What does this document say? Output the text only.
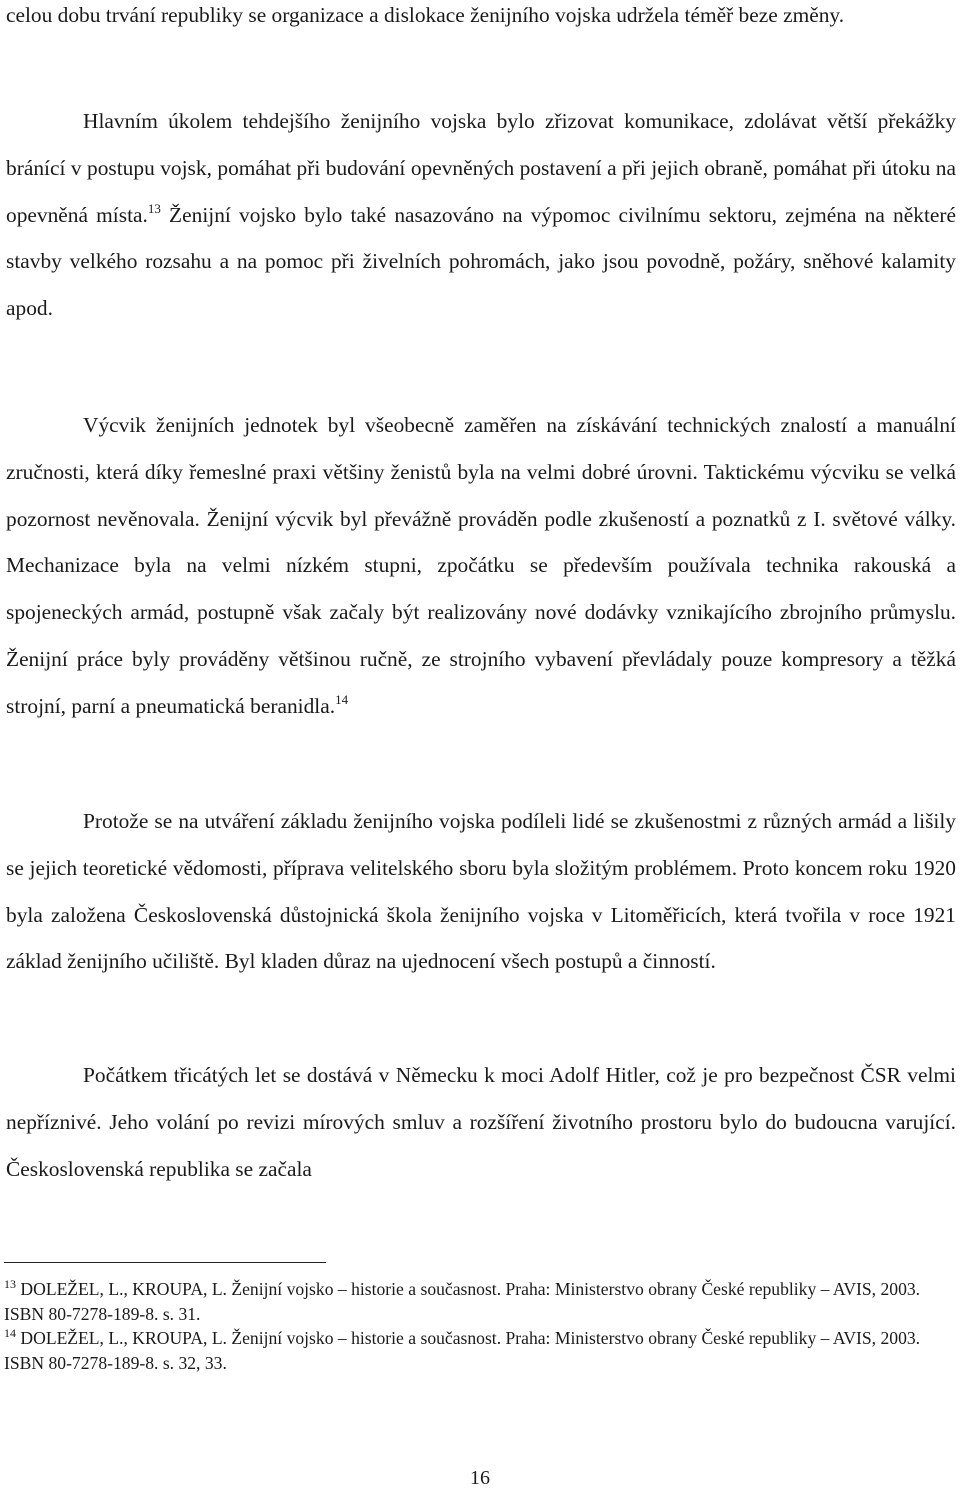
celou dobu trvání republiky se organizace a dislokace ženijního vojska udržela téměř beze změny.

Hlavním úkolem tehdejšího ženijního vojska bylo zřizovat komunikace, zdolávat větší překážky bránící v postupu vojsk, pomáhat při budování opevněných postavení a při jejich obraně, pomáhat při útoku na opevněná místa.$^{13}$ Ženijní vojsko bylo také nasazováno na výpomoc civilnímu sektoru, zejména na některé stavby velkého rozsahu a na pomoc při živelních pohromách, jako jsou povodně, požáry, sněhové kalamity apod.

Výcvik ženijních jednotek byl všeobecně zaměřen na získávání technických znalostí a manuální zručnosti, která díky řemeslné praxi většiny ženistů byla na velmi dobré úrovni. Taktickému výcviku se velká pozornost nevěnovala. Ženijní výcvik byl převážně prováděn podle zkušeností a poznatků z I. světové války. Mechanizace byla na velmi nízkém stupni, zpočátku se především používala technika rakouská a spojeneckých armád, postupně však začaly být realizovány nové dodávky vznikajícího zbrojního průmyslu. Ženijní práce byly prováděny většinou ručně, ze strojního vybavení převládaly pouze kompresory a těžká strojní, parní a pneumatická beranidla.$^{14}$

Protože se na utváření základu ženijního vojska podíleli lidé se zkušenostmi z různých armád a lišily se jejich teoretické vědomosti, příprava velitelského sboru byla složitým problémem. Proto koncem roku 1920 byla založena Československá důstojnická škola ženijního vojska v Litoměřicích, která tvořila v roce 1921 základ ženijního učiliště. Byl kladen důraz na ujednocení všech postupů a činností.

Počátkem třicátých let se dostává v Německu k moci Adolf Hitler, což je pro bezpečnost ČSR velmi nepříznivé. Jeho volání po revizi mírových smluv a rozšíření životního prostoru bylo do budoucna varující. Československá republika se začala

$^{13}$ DOLEŽEL, L., KROUPA, L. Ženijní vojsko – historie a současnost. Praha: Ministerstvo obrany České republiky – AVIS, 2003. ISBN 80-7278-189-8. s. 31.

$^{14}$ DOLEŽEL, L., KROUPA, L. Ženijní vojsko – historie a současnost. Praha: Ministerstvo obrany České republiky – AVIS, 2003. ISBN 80-7278-189-8. s. 32, 33.

16
